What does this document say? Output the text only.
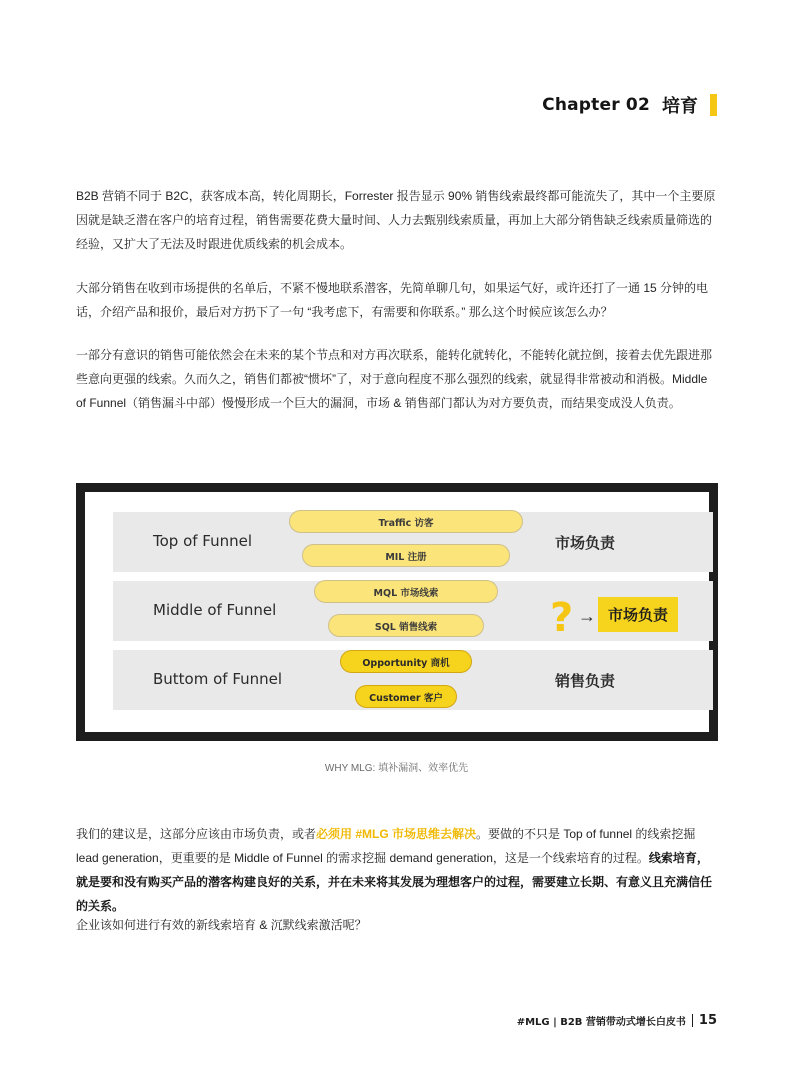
Chapter 02 培育

B2B 营销不同于 B2C，获客成本高，转化周期长，Forrester 报告显示 90% 销售线索最终都可能流失了，其中一个主要原因就是缺乏潜在客户的培育过程，销售需要花费大量时间、人力去甄别线索质量，再加上大部分销售缺乏线索质量筛选的经验，又扩大了无法及时跟进优质线索的机会成本。

大部分销售在收到市场提供的名单后，不紧不慢地联系潜客，先简单聊几句，如果运气好，或许还打了一通 15 分钟的电话，介绍产品和报价，最后对方扔下了一句 “我考虑下，有需要和你联系。” 那么这个时候应该怎么办？

一部分有意识的销售可能依然会在未来的某个节点和对方再次联系，能转化就转化，不能转化就拉倒，接着去优先跟进那些意向更强的线索。久而久之，销售们都被“惯坏”了，对于意向程度不那么强烈的线索，就显得非常被动和消极。Middle of Funnel（销售漏斗中部）慢慢形成一个巨大的漏洞，市场 & 销售部门都认为对方要负责，而结果变成没人负责。

Top of Funnel
Middle of Funnel
Buttom of Funnel
Traffic 访客
MIL 注册
MQL 市场线索
SQL 销售线索
Opportunity 商机
Customer 客户
市场负责
? → 市场负责
销售负责
WHY MLG: 填补漏洞、效率优先

我们的建议是，这部分应该由市场负责，或者必须用 #MLG 市场思维去解决。要做的不只是 Top of funnel 的线索挖掘 lead generation，更重要的是 Middle of Funnel 的需求挖掘 demand generation，这是一个线索培育的过程。线索培育，就是要和没有购买产品的潜客构建良好的关系，并在未来将其发展为理想客户的过程，需要建立长期、有意义且充满信任的关系。

企业该如何进行有效的新线索培育 & 沉默线索激活呢？

#MLG | B2B 营销带动式增长白皮书 15
